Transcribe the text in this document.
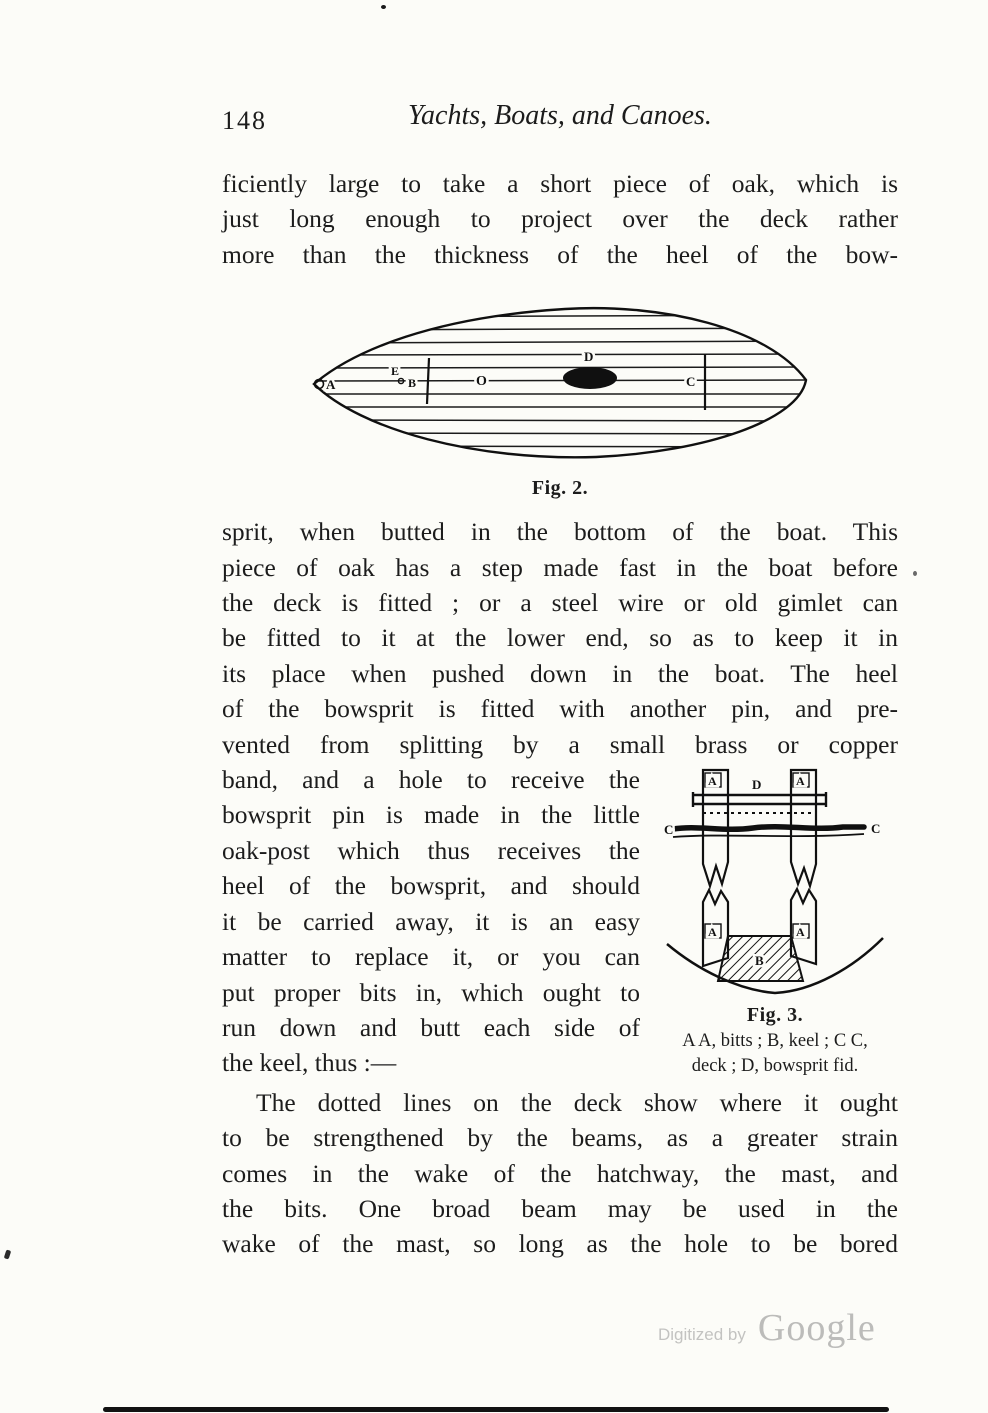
148	Yachts, Boats, and Canoes.
ficiently large to take a short piece of oak, which is
just long enough to project over the deck rather
more than the thickness of the heel of the bow-
A
E
B	O
D
C
Fig. 2.
sprit, when butted in the bottom of the boat. This
piece of oak has a step made fast in the boat before
the deck is fitted ; or a steel wire or old gimlet can
be fitted to it at the lower end, so as to keep it in
its place when pushed down in the boat. The heel
of the bowsprit is fitted with another pin, and pre-
vented from splitting by a small brass or copper
band, and a hole to receive the
bowsprit pin is made in the little
oak-post which thus receives the
heel of the bowsprit, and should
it be carried away, it is an easy
matter to replace it, or you can
put proper bits in, which ought to
run down and butt each side of
the keel, thus :—
A	A
D
C	C
A	A
B
Fig. 3.
A A, bitts ; B, keel ; C C,
deck ; D, bowsprit fid.
The dotted lines on the deck show where it ought
to be strengthened by the beams, as a greater strain
comes in the wake of the hatchway, the mast, and
the bits. One broad beam may be used in the
wake of the mast, so long as the hole to be bored
Digitized by Google
